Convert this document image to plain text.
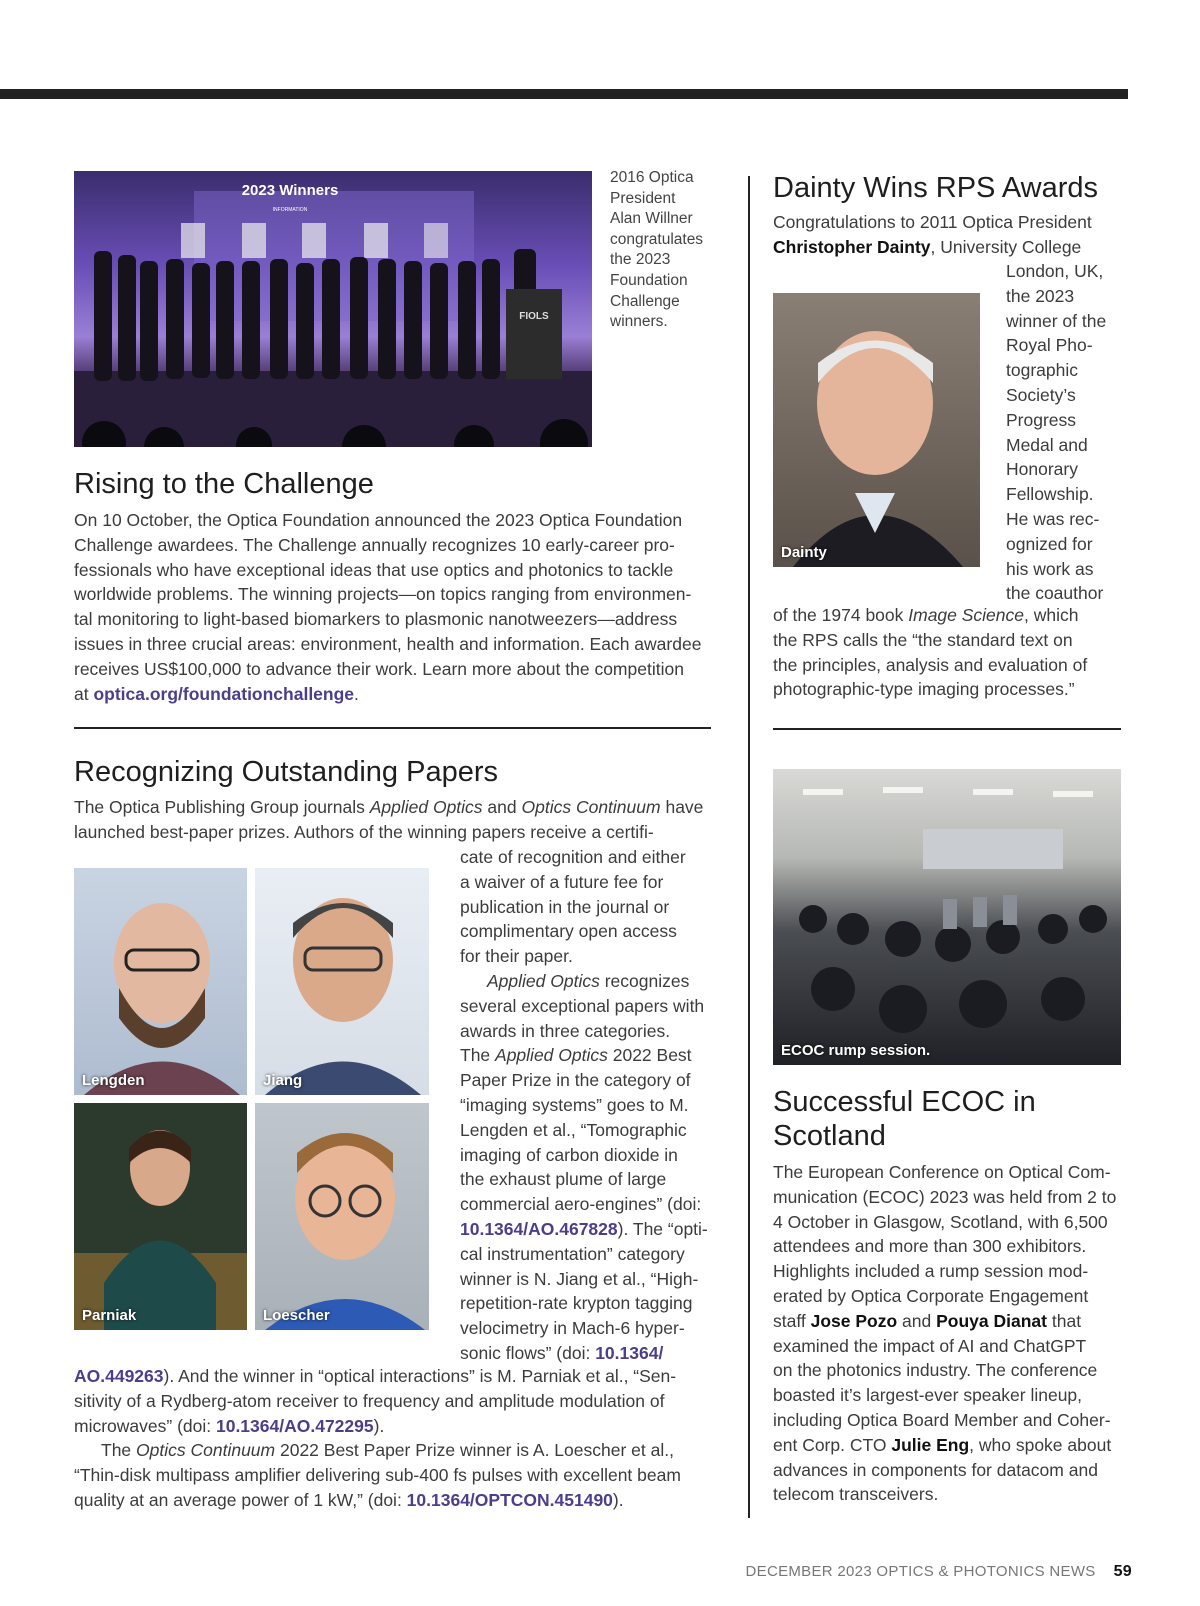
FIOLS
2023 Winners
INFORMATION
2016 Optica
President
Alan Willner
congratulates
the 2023
Foundation
Challenge
winners.
Rising to the Challenge
On 10 October, the Optica Foundation announced the 2023 Optica Foundation
Challenge awardees. The Challenge annually recognizes 10 early-career pro-
fessionals who have exceptional ideas that use optics and photonics to tackle
worldwide problems. The winning projects—on topics ranging from environmen-
tal monitoring to light-based biomarkers to plasmonic nanotweezers—address
issues in three crucial areas: environment, health and information. Each awardee
receives US$100,000 to advance their work. Learn more about the competition
at optica.org/foundationchallenge.
Recognizing Outstanding Papers
The Optica Publishing Group journals Applied Optics and Optics Continuum have
launched best-paper prizes. Authors of the winning papers receive a certifi-
Lengden	Jiang
Parniak	Loescher
cate of recognition and either
a waiver of a future fee for
publication in the journal or
complimentary open access
for their paper.
Applied Optics recognizes
several exceptional papers with
awards in three categories.
The Applied Optics 2022 Best
Paper Prize in the category of
“imaging systems” goes to M.
Lengden et al., “Tomographic
imaging of carbon dioxide in
the exhaust plume of large
commercial aero-engines” (doi:
10.1364/AO.467828). The “opti-
cal instrumentation” category
winner is N. Jiang et al., “High-
repetition-rate krypton tagging
velocimetry in Mach-6 hyper-
sonic flows” (doi: 10.1364/
AO.449263). And the winner in “optical interactions” is M. Parniak et al., “Sen-
sitivity of a Rydberg-atom receiver to frequency and amplitude modulation of
microwaves” (doi: 10.1364/AO.472295).
The Optics Continuum 2022 Best Paper Prize winner is A. Loescher et al.,
“Thin-disk multipass amplifier delivering sub-400 fs pulses with excellent beam
quality at an average power of 1 kW,” (doi: 10.1364/OPTCON.451490).
Dainty Wins RPS Awards
Congratulations to 2011 Optica President
Christopher Dainty, University College
Dainty
London, UK,
the 2023
winner of the
Royal Pho-
tographic
Society’s
Progress
Medal and
Honorary
Fellowship.
He was rec-
ognized for
his work as
the coauthor
of the 1974 book Image Science, which
the RPS calls the “the standard text on
the principles, analysis and evaluation of
photographic-type imaging processes.”
ECOC rump session.
Successful ECOC in
Scotland
The European Conference on Optical Com-
munication (ECOC) 2023 was held from 2 to
4 October in Glasgow, Scotland, with 6,500
attendees and more than 300 exhibitors.
Highlights included a rump session mod-
erated by Optica Corporate Engagement
staff Jose Pozo and Pouya Dianat that
examined the impact of AI and ChatGPT
on the photonics industry. The conference
boasted it’s largest-ever speaker lineup,
including Optica Board Member and Coher-
ent Corp. CTO Julie Eng, who spoke about
advances in components for datacom and
telecom transceivers.
DECEMBER 2023 OPTICS & PHOTONICS NEWS 59
